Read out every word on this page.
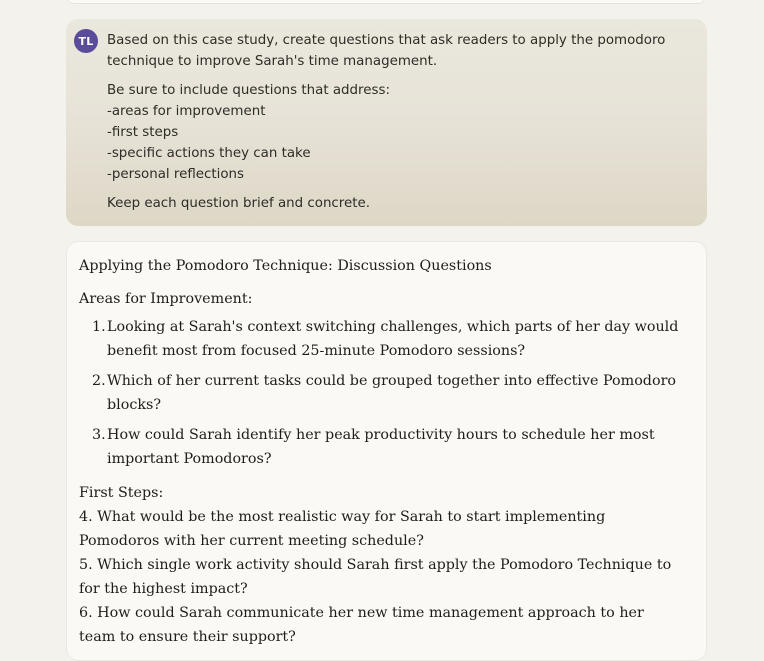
TL	Based on this case study, create questions that ask readers to apply the pomodoro technique to improve Sarah's time management.

Be sure to include questions that address:

-areas for improvement

-first steps

-specific actions they can take

-personal reflections

Keep each question brief and concrete.

Applying the Pomodoro Technique: Discussion Questions
Areas for Improvement:
1. Looking at Sarah's context switching challenges, which parts of her day would benefit most from focused 25-minute Pomodoro sessions?
2. Which of her current tasks could be grouped together into effective Pomodoro blocks?
3. How could Sarah identify her peak productivity hours to schedule her most important Pomodoros?
First Steps:

4. What would be the most realistic way for Sarah to start implementing Pomodoros with her current meeting schedule?

5. Which single work activity should Sarah first apply the Pomodoro Technique to for the highest impact?

6. How could Sarah communicate her new time management approach to her team to ensure their support?
